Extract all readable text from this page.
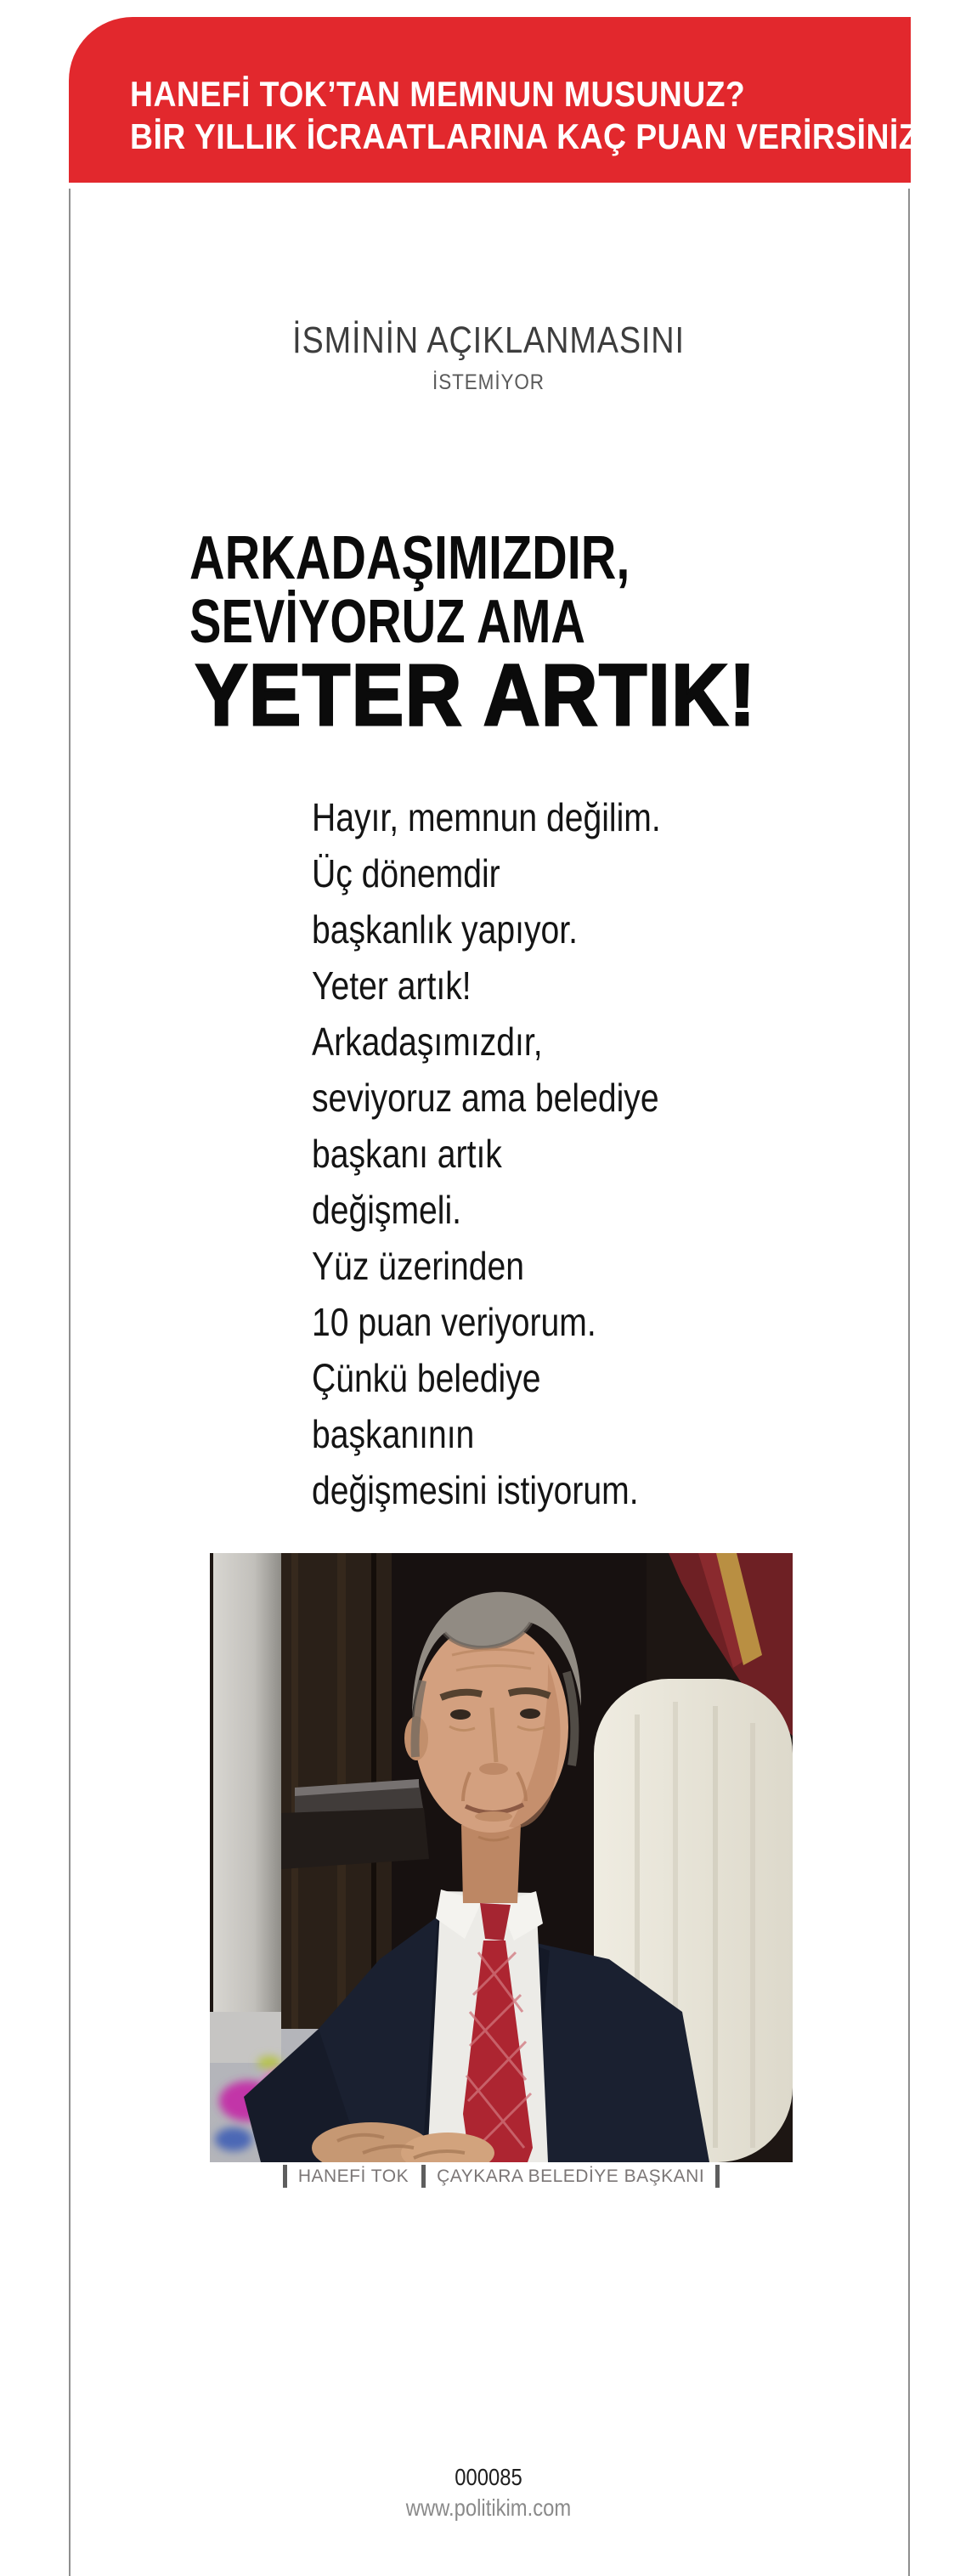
HANEFİ TOK’TAN MEMNUN MUSUNUZ?
BİR YILLIK İCRAATLARINA KAÇ PUAN VERİRSİNİZ?
İSMİNİN AÇIKLANMASINI
İSTEMİYOR
ARKADAŞIMIZDIR,
SEVİYORUZ AMA
YETER ARTIK!
Hayır, memnun değilim.
Üç dönemdir
başkanlık yapıyor.
Yeter artık!
Arkadaşımızdır,
seviyoruz ama belediye
başkanı artık
değişmeli.
Yüz üzerinden
10 puan veriyorum.
Çünkü belediye
başkanının
değişmesini istiyorum.
HANEFİ TOK ÇAYKARA BELEDİYE BAŞKANI
000085
www.politikim.com
